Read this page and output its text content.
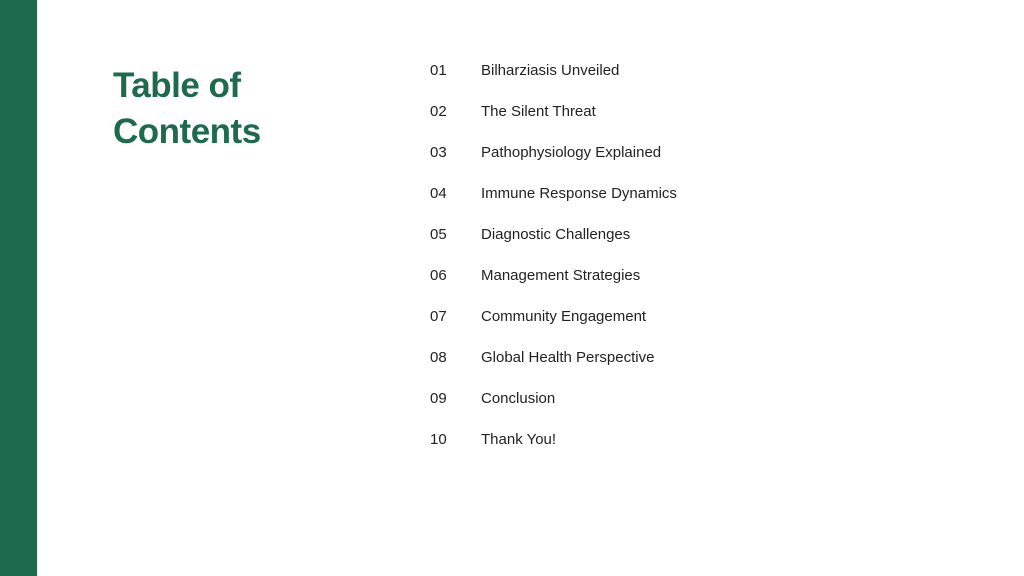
Table of Contents
01	Bilharziasis Unveiled
02	The Silent Threat
03	Pathophysiology Explained
04	Immune Response Dynamics
05	Diagnostic Challenges
06	Management Strategies
07	Community Engagement
08	Global Health Perspective
09	Conclusion
10	Thank You!
